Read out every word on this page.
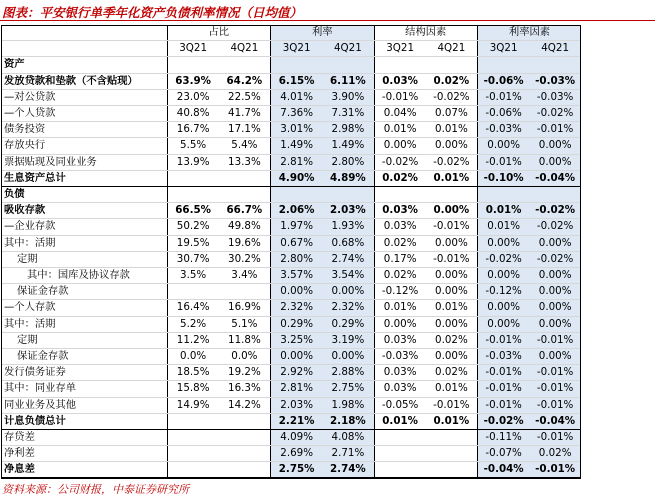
图表：平安银行单季年化资产负债利率情况（日均值）
	占比		利率		结构因素		利率因素	
	3Q21	4Q21	3Q21	4Q21	3Q21	4Q21	3Q21	4Q21
资产								
发放贷款和垫款（不含贴现）	63.9%	64.2%	6.15%	6.11%	0.03%	0.02%	-0.06%	-0.03%
—对公贷款	23.0%	22.5%	4.01%	3.90%	-0.01%	-0.02%	-0.01%	-0.03%
—个人贷款	40.8%	41.7%	7.36%	7.31%	0.04%	0.07%	-0.06%	-0.02%
债务投资	16.7%	17.1%	3.01%	2.98%	0.01%	0.01%	-0.03%	-0.01%
存放央行	5.5%	5.4%	1.49%	1.49%	0.00%	0.00%	0.00%	0.00%
票据贴现及同业业务	13.9%	13.3%	2.81%	2.80%	-0.02%	-0.02%	-0.01%	0.00%
生息资产总计			4.90%	4.89%	0.02%	0.01%	-0.10%	-0.04%
负债								
吸收存款	66.5%	66.7%	2.06%	2.03%	0.03%	0.00%	0.01%	-0.02%
—企业存款	50.2%	49.8%	1.97%	1.93%	0.03%	-0.01%	0.01%	-0.02%
其中：活期	19.5%	19.6%	0.67%	0.68%	0.02%	0.00%	0.00%	0.00%
定期	30.7%	30.2%	2.80%	2.74%	0.17%	-0.01%	-0.02%	-0.02%
其中：国库及协议存款	3.5%	3.4%	3.57%	3.54%	0.02%	0.00%	0.00%	0.00%
保证金存款			0.00%	0.00%	-0.12%	0.00%	-0.12%	0.00%
—个人存款	16.4%	16.9%	2.32%	2.32%	0.01%	0.01%	0.00%	0.00%
其中：活期	5.2%	5.1%	0.29%	0.29%	0.00%	0.00%	0.00%	0.00%
定期	11.2%	11.8%	3.25%	3.19%	0.03%	0.02%	-0.01%	-0.01%
保证金存款	0.0%	0.0%	0.00%	0.00%	-0.03%	0.00%	-0.03%	0.00%
发行债务证券	18.5%	19.2%	2.92%	2.88%	0.03%	0.02%	-0.01%	-0.01%
其中：同业存单	15.8%	16.3%	2.81%	2.75%	0.03%	0.01%	-0.01%	-0.01%
同业业务及其他	14.9%	14.2%	2.03%	1.98%	-0.05%	-0.01%	-0.01%	-0.01%
计息负债总计			2.21%	2.18%	0.01%	0.01%	-0.02%	-0.04%
存贷差			4.09%	4.08%			-0.11%	-0.01%
净利差			2.69%	2.71%			-0.07%	0.02%
净息差			2.75%	2.74%			-0.04%	-0.01%
资料来源：公司财报，中泰证券研究所
